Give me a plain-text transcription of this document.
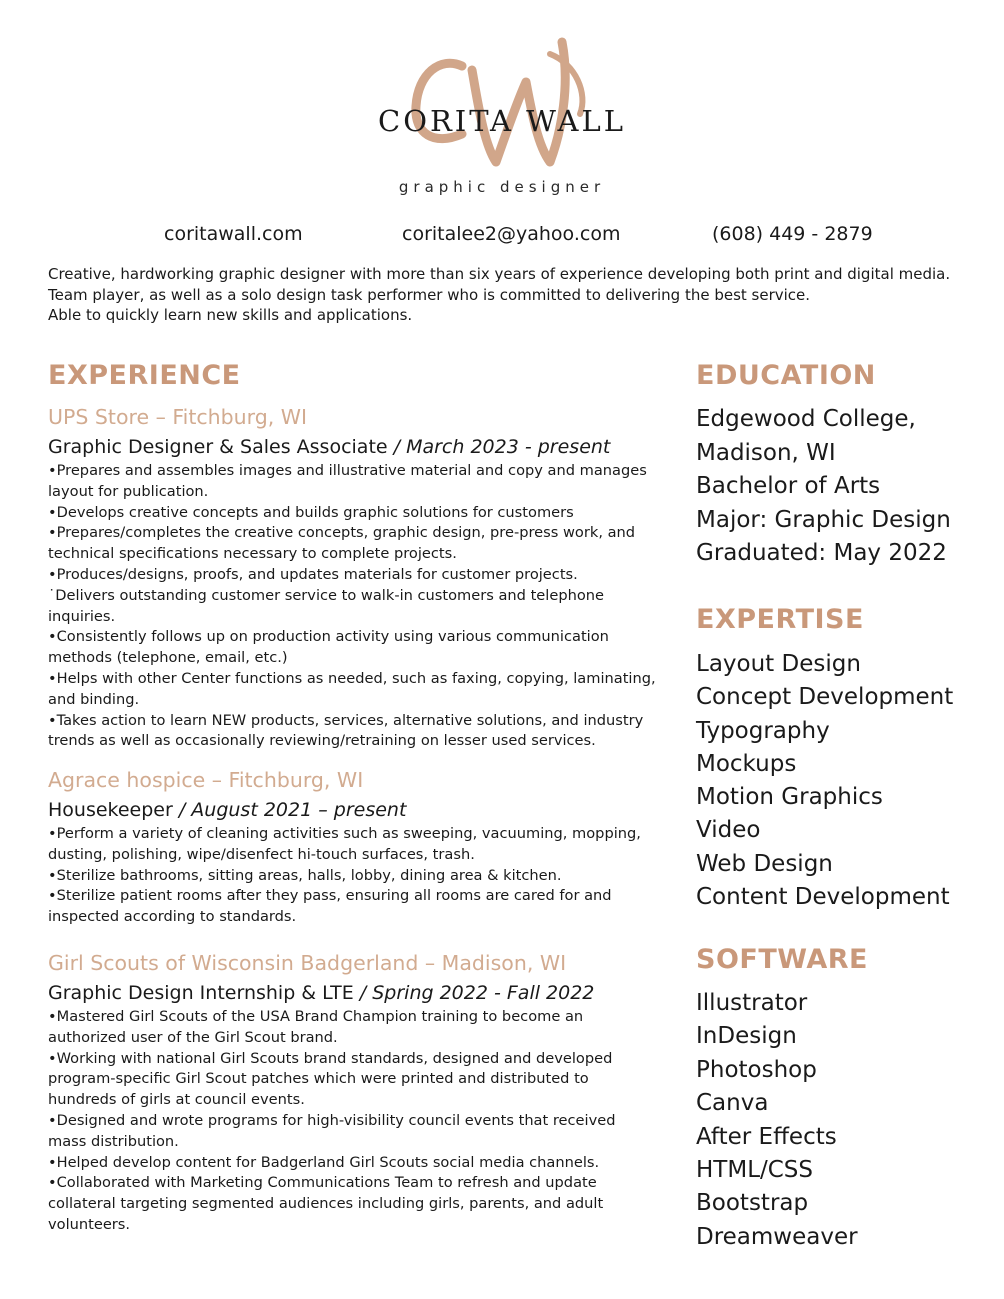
CORITA WALL
graphic designer
coritawall.com	coritalee2@yahoo.com	(608) 449 - 2879
Creative, hardworking graphic designer with more than six years of experience developing both print and digital media.
Team player, as well as a solo design task performer who is committed to delivering the best service.
Able to quickly learn new skills and applications.
EXPERIENCE
UPS Store – Fitchburg, WI
Graphic Designer & Sales Associate / March 2023 - present
•Prepares and assembles images and illustrative material and copy and manages layout for publication.
•Develops creative concepts and builds graphic solutions for customers
•Prepares/completes the creative concepts, graphic design, pre-press work, and technical specifications necessary to complete projects.
•Produces/designs, proofs, and updates materials for customer projects.
˙Delivers outstanding customer service to walk-in customers and telephone inquiries.
•Consistently follows up on production activity using various communication methods (telephone, email, etc.)
•Helps with other Center functions as needed, such as faxing, copying, laminating, and binding.
•Takes action to learn NEW products, services, alternative solutions, and industry trends as well as occasionally reviewing/retraining on lesser used services.
Agrace hospice – Fitchburg, WI
Housekeeper / August 2021 – present
•Perform a variety of cleaning activities such as sweeping, vacuuming, mopping, dusting, polishing, wipe/disenfect hi-touch surfaces, trash.
•Sterilize bathrooms, sitting areas, halls, lobby, dining area & kitchen.
•Sterilize patient rooms after they pass, ensuring all rooms are cared for and inspected according to standards.
Girl Scouts of Wisconsin Badgerland – Madison, WI
Graphic Design Internship & LTE / Spring 2022 - Fall 2022
•Mastered Girl Scouts of the USA Brand Champion training to become an authorized user of the Girl Scout brand.
•Working with national Girl Scouts brand standards, designed and developed program-specific Girl Scout patches which were printed and distributed to hundreds of girls at council events.
•Designed and wrote programs for high-visibility council events that received mass distribution.
•Helped develop content for Badgerland Girl Scouts social media channels.
•Collaborated with Marketing Communications Team to refresh and update collateral targeting segmented audiences including girls, parents, and adult volunteers.
EDUCATION
Edgewood College,
Madison, WI
Bachelor of Arts
Major: Graphic Design
Graduated: May 2022
EXPERTISE
Layout Design
Concept Development
Typography
Mockups
Motion Graphics
Video
Web Design
Content Development
SOFTWARE
Illustrator
InDesign
Photoshop
Canva
After Effects
HTML/CSS
Bootstrap
Dreamweaver
